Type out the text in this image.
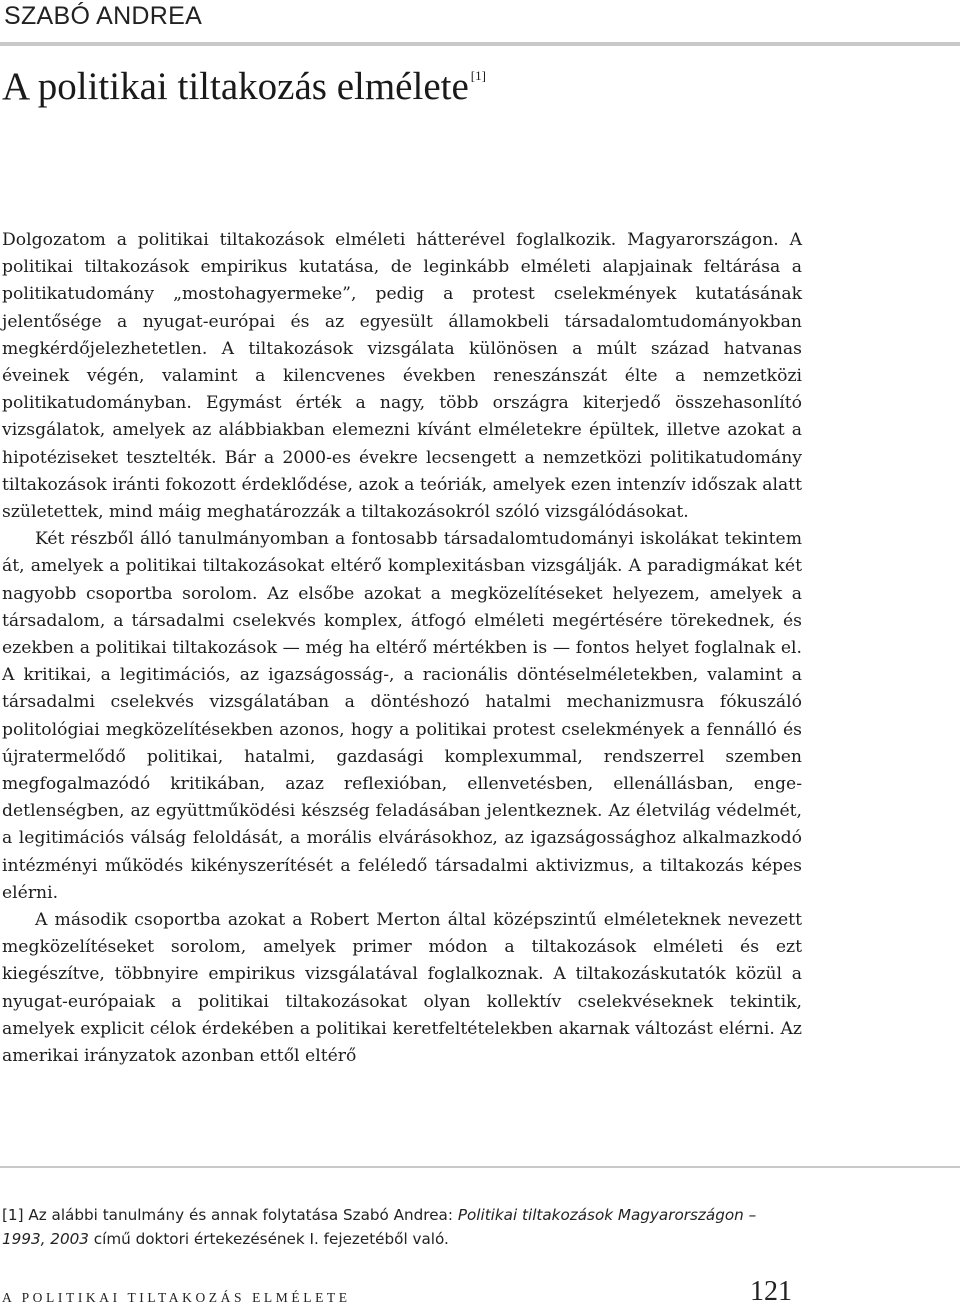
SZABÓ ANDREA
A politikai tiltakozás elmélete [1]

Dolgozatom a politikai tiltakozások elméleti hátterével foglalkozik. Magyarországon. A politikai tiltakozások empirikus kutatása, de leginkább elméleti alapjainak feltárása a politikatudomány „mostohagyermeke”, pedig a protest cselekmények kutatásának jelentősége a nyugat-európai és az egyesült államokbeli társadalomtudományokban megkérdőjelezhetetlen. A tiltakozások vizsgálata különösen a múlt század hatvanas éveinek végén, valamint a kilencvenes években reneszánszát élte a nemzetközi politikatudományban. Egymást érték a nagy, több országra kiterjedő összehasonlító vizsgálatok, amelyek az alábbiakban elemezni kívánt elméletekre épültek, illetve azokat a hipotéziseket tesztelték. Bár a 2000-es évekre lecsengett a nemzetközi politikatudomány tiltakozások iránti fokozott érdeklődése, azok a teóriák, amelyek ezen intenzív időszak alatt születettek, mind máig meghatározzák a tiltakozásokról szóló vizsgálódásokat.

Két részből álló tanulmányomban a fontosabb társadalomtudományi iskolákat tekintem át, amelyek a politikai tiltakozásokat eltérő komplexitásban vizsgálják. A paradigmákat két nagyobb csoportba sorolom. Az elsőbe azokat a megközelítéseket helyezem, amelyek a társadalom, a társadalmi cselekvés komplex, átfogó elméleti megértésére törekednek, és ezekben a politikai tiltakozások — még ha eltérő mértékben is — fontos helyet foglalnak el. A kritikai, a legitimációs, az igazságosság-, a racionális döntéselméletekben, valamint a társadalmi cselekvés vizsgálatában a döntéshozó hatalmi mechanizmusra fókuszáló politológiai megközelítésekben azonos, hogy a politikai protest cselekmények a fennálló és újratermelődő politikai, hatalmi, gazdasági komplexummal, rendszerrel szemben megfogalmazódó kritikában, azaz reflexióban, ellenvetésben, ellenállásban, engedetlenségben, az együttműködési készség feladásában jelentkeznek. Az életvilág védelmét, a legitimációs válság feloldását, a morális elvárásokhoz, az igazságossághoz alkalmazkodó intézményi működés kikényszerítését a feléledő társadalmi aktivizmus, a tiltakozás képes elérni.

A második csoportba azokat a Robert Merton által középszintű elméleteknek nevezett megközelítéseket sorolom, amelyek primer módon a tiltakozások elméleti és ezt kiegészítve, többnyire empirikus vizsgálatával foglalkoznak. A tiltakozáskutatók közül a nyugat-európaiak a politikai tiltakozásokat olyan kollektív cselekvéseknek tekintik, amelyek explicit célok érdekében a politikai keretfeltételekben akarnak változást elérni. Az amerikai irányzatok azonban ettől eltérő

[1] Az alábbi tanulmány és annak folytatása Szabó Andrea: Politikai tiltakozások Magyarországon – 1993, 2003 című doktori értekezésének I. fejezetéből való.
A POLITIKAI TILTAKOZÁS ELMÉLETE	121
